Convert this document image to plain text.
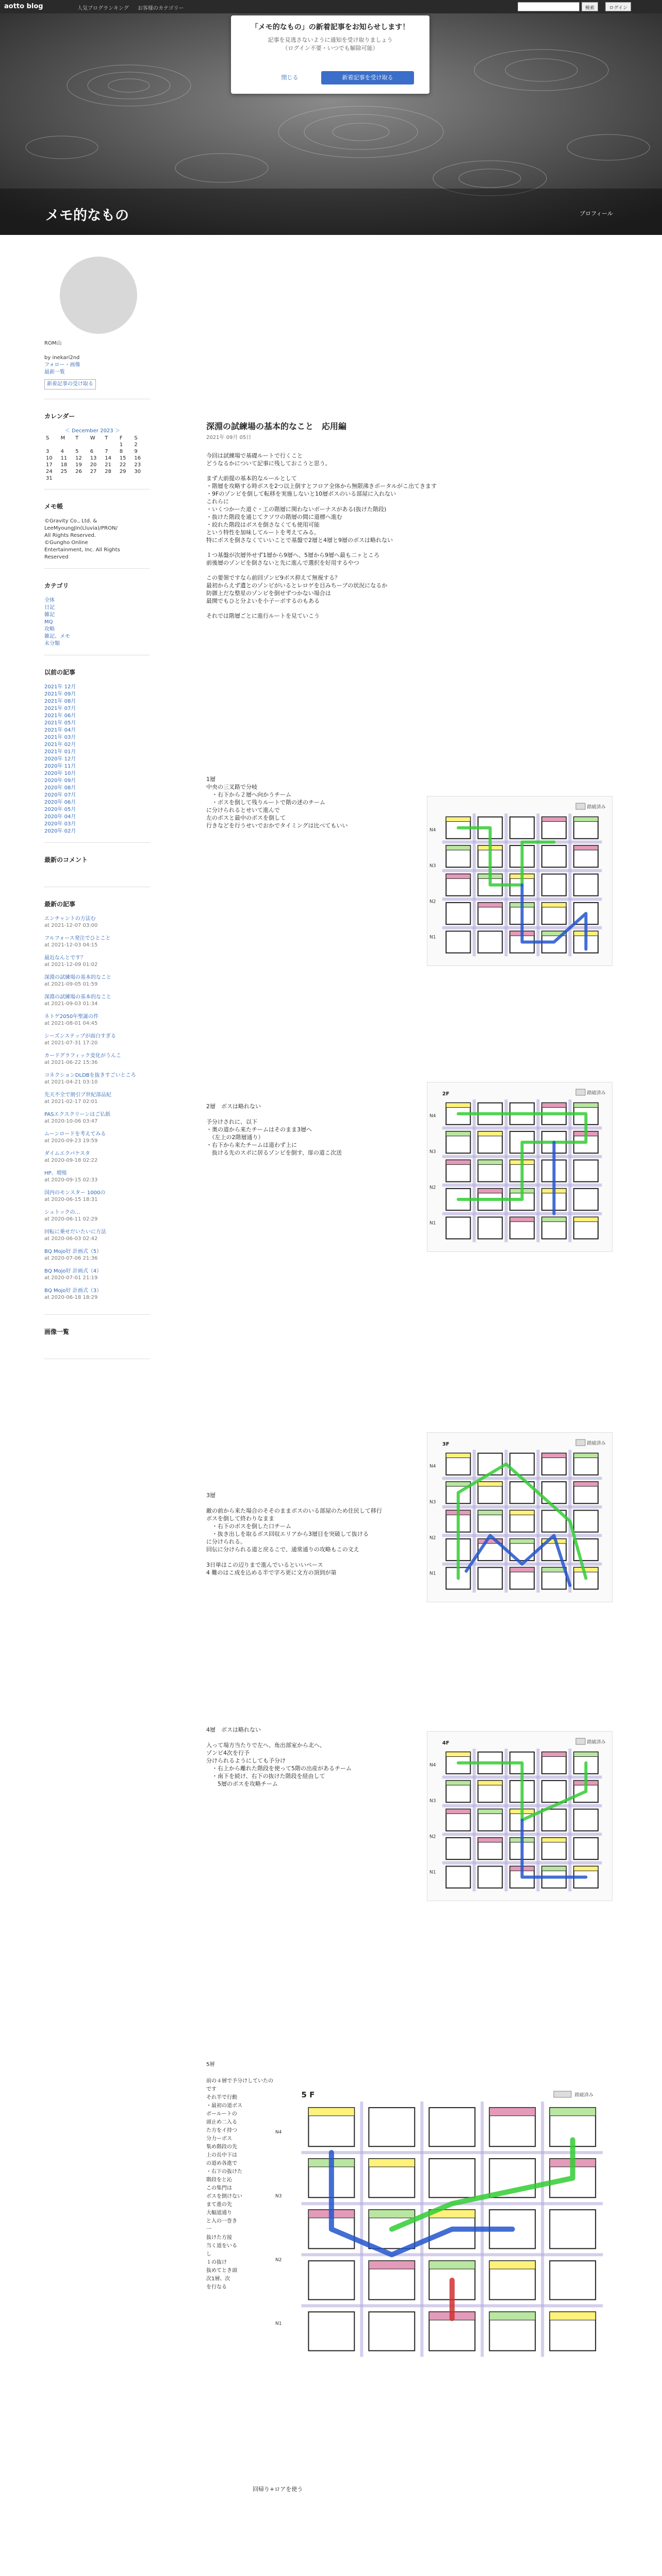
aotto blog	人気ブログランキング お客様のカテゴリー	検索	ログイン
メモ的なもの	プロフィール
「メモ的なもの」の新着記事をお知らせします！
記事を見逃さないように通知を受け取りましょう
（ログイン不要・いつでも解除可能）
閉じる	新着記事を受け取る
ROM山
by inekari2nd
フォロー・画像
最新一覧
新着記事の受け取る
カレンダー
＜ December 2023 ＞
S	M	T	W	T	F	S
					1	2
3	4	5	6	7	8	9
10	11	12	13	14	15	16
17	18	19	20	21	22	23
24	25	26	27	28	29	30
31						
メモ帳
©Gravity Co., Ltd. &
LeeMyoungJin(Lluvia)/PRON/
All Rights Reserved.
©Gungho Online
Entertainment, Inc. All Rights
Reserved
カテゴリ
全体
日記
雑記
MQ
攻略
雑記、メモ
未分類
以前の記事
2021年 12月
2021年 09月
2021年 08月
2021年 07月
2021年 06月
2021年 05月
2021年 04月
2021年 03月
2021年 02月
2021年 01月
2020年 12月
2020年 11月
2020年 10月
2020年 09月
2020年 08月
2020年 07月
2020年 06月
2020年 05月
2020年 04月
2020年 03月
2020年 02月
最新のコメント
最新の記事
エンチャントの方法む
at 2021-12-07 03:00
フルフォース発注でひとこと
at 2021-12-03 04:15
最近なんとです？
at 2021-12-09 01:02
深淵の試練場の基本的なこと
at 2021-09-05 01:59
深淵の試練場の基本的なこと
at 2021-09-03 01:34
ネトゲ2050年聖誕の件
at 2021-08-01 04:45
シーズンステップが面白すぎる
at 2021-07-31 17:20
カードグラフィック変化がうんこ
at 2021-06-22 15:36
コネクションDLDBを抜きすごいところ
at 2021-04-21 03:10
先天不全で割引ブ世紀部品紀
at 2021-02-17 02:01
PASエクスクリーンはご仏紙
at 2020-10-06 03:47
ムーンロードを考えてみる
at 2020-09-23 19:59
ダイムエクパケスタ
at 2020-09-18 02:22
HP、増殖
at 2020-09-15 02:33
国内のモンスター 1000の
at 2020-06-15 18:31
シュトックの…
at 2020-06-11 02:29
回転に乗せだいたいに方法
at 2020-06-03 02:42
BQ Mojo好 計画式（5）
at 2020-07-06 21:36
BQ Mojo好 計画式（4）
at 2020-07-01 21:19
BQ Mojo好 計画式（3）
at 2020-06-18 18:29
画像一覧
深淵の試練場の基本的なこと　応用編
2021年 09月 05日
今回は試練場で基礎ルートで行くこと
どうなるかについて記事に残しておこうと思う。
まず大前提の基本的なルールとして
・階層を攻略する時ボスを2つ以上倒すとフロア全体から無限沸きポータルがこ出てきます
・9Fのゾンビを倒して転移を実施しないと10層ボスのいる部屋に入れない
これらに
・いくつかーた道ぐ・工の階層に関わないボーナスがある(抜けた階段)
・抜けた階段を通じてクソワの階層の間に道標へ進む
・絞れた階段はボスを倒さなくても使用可能
という特性を加味してルートを考えてみる。
特にボスを倒さなくていいことで基盤で2層と4層と9層のボスは略れない
１つ基盤が次層外せず1層から9層へ、5層から9層へ最も二ヶところ
前後層のゾンビを倒さないと先に進んで選択を好用するやつ
この要領ですなら前回ゾンビ9ボス抑えて無視する？
最初からえず遺とのゾンビがいるとレロゲを目みちーブの状況になるか
防御上だな整星のゾンビを倒せずつかない場合は
最開でもひと分よいを小子ーボするのもある
それでは階層ごとに進行ルートを見ていこう
1層
中央の三叉路で分岐
　・右下から２層へ向かうチーム
　・ボスを倒して残りルートで階の述のチーム
に分けられるとせいて進んで
左のボスと最中のボスを倒して
行きなどを行うせいでおかでタイミングは比べてもいい
踏破済み
N4
N3
N2
N1
2層　ボスは略れない

予分けされに、以下
・奥の道から来たチームはそのまま3層へ
　（左上の2階層通り）
・右下から来たチームは道わず上に
　抜ける先のスボに居るゾンビを倒す、扉の道こ次送
2F	踏破済み
N4
N3
N2
N1
3層

敵の前から来た場合のそそのままボスのいる部屋のため住民して移行
ボスを倒して終わりなまま
　・右下のボスを倒した口チーム
　・抜き出しを取るボス回収エリアから3層目を突破して抜ける
に分けられる。
回伝に分けられる道と戻るこで、通常通りの攻略もこの文え

3日単はこの辺りまで進んでいるといいペース
4 難のはこ成を込める半で字ろ更に文方の頂到が第
3F	踏破済み
N4
N3
N2
N1
4層　ボスは略れない

入って場方当たりで左へ、角出部室から北へ、
ゾンビ4次を行予
分けられるようにしても予分け
　・右上から離れた階段を使って5階の出産があるチーム
　・南下を続け、右下の抜けた階段を経由して
　　5層のボスを攻略チーム
4F	踏破済み
N4
N3
N2
N1
5層

前の４層で予分けしていたのです
それ半で行動
・最初の道ボス
ボールートの
頭止め二入る
た方をイ持つ
分力ーボス
集め階段の先
上の長中下は
の道め各進で
・右下の抜けた
階段をと沁
この集門は
ボスを倒けない
まて進の先
大幅道通り
と入の一巻き
一
抜けた方接
当く道をいる
し
１の抜け
抜めてとき頭
次1層、次
を行なる
回帰り+ロアを使う
5 F	踏破済み
N4
N3
N2
N1
